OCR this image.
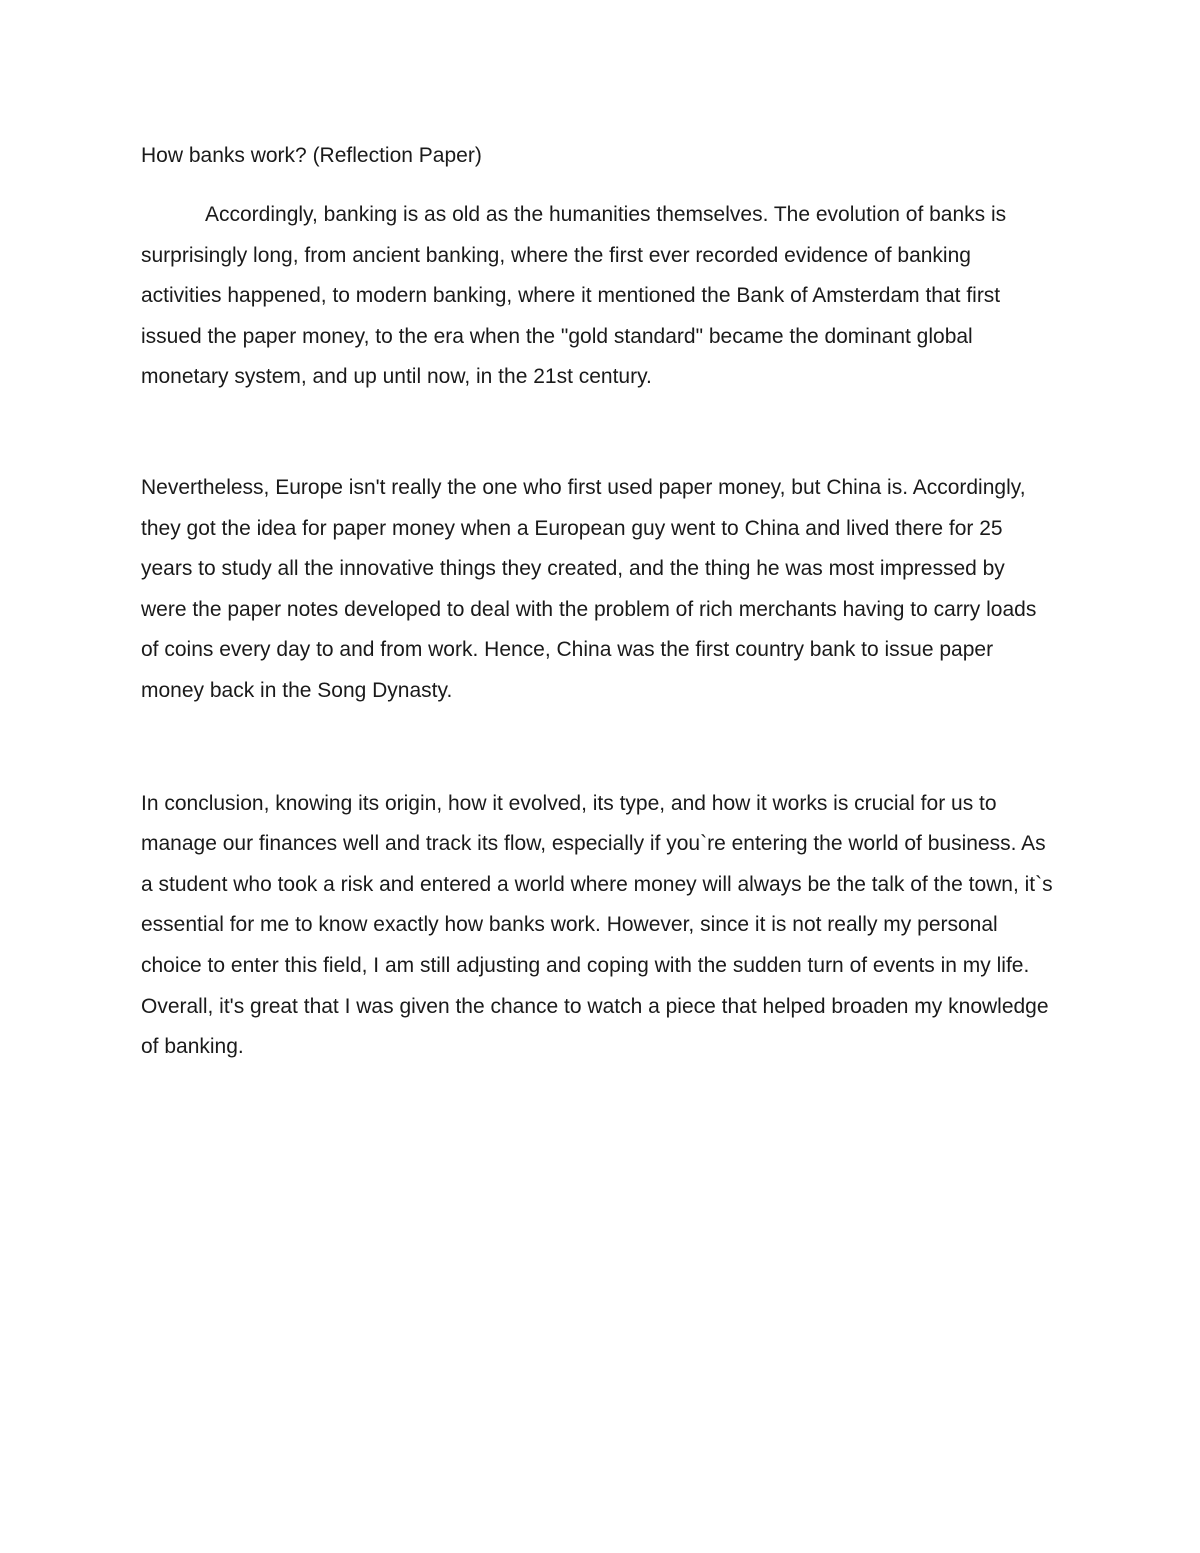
How banks work? (Reflection Paper)

Accordingly, banking is as old as the humanities themselves. The evolution of banks is surprisingly long, from ancient banking, where the first ever recorded evidence of banking activities happened, to modern banking, where it mentioned the Bank of Amsterdam that first issued the paper money, to the era when the "gold standard" became the dominant global monetary system, and up until now, in the 21st century.

Nevertheless, Europe isn't really the one who first used paper money, but China is. Accordingly, they got the idea for paper money when a European guy went to China and lived there for 25 years to study all the innovative things they created, and the thing he was most impressed by were the paper notes developed to deal with the problem of rich merchants having to carry loads of coins every day to and from work. Hence, China was the first country bank to issue paper money back in the Song Dynasty.

In conclusion, knowing its origin, how it evolved, its type, and how it works is crucial for us to manage our finances well and track its flow, especially if you`re entering the world of business. As a student who took a risk and entered a world where money will always be the talk of the town, it`s essential for me to know exactly how banks work. However, since it is not really my personal choice to enter this field, I am still adjusting and coping with the sudden turn of events in my life. Overall, it's great that I was given the chance to watch a piece that helped broaden my knowledge of banking.
